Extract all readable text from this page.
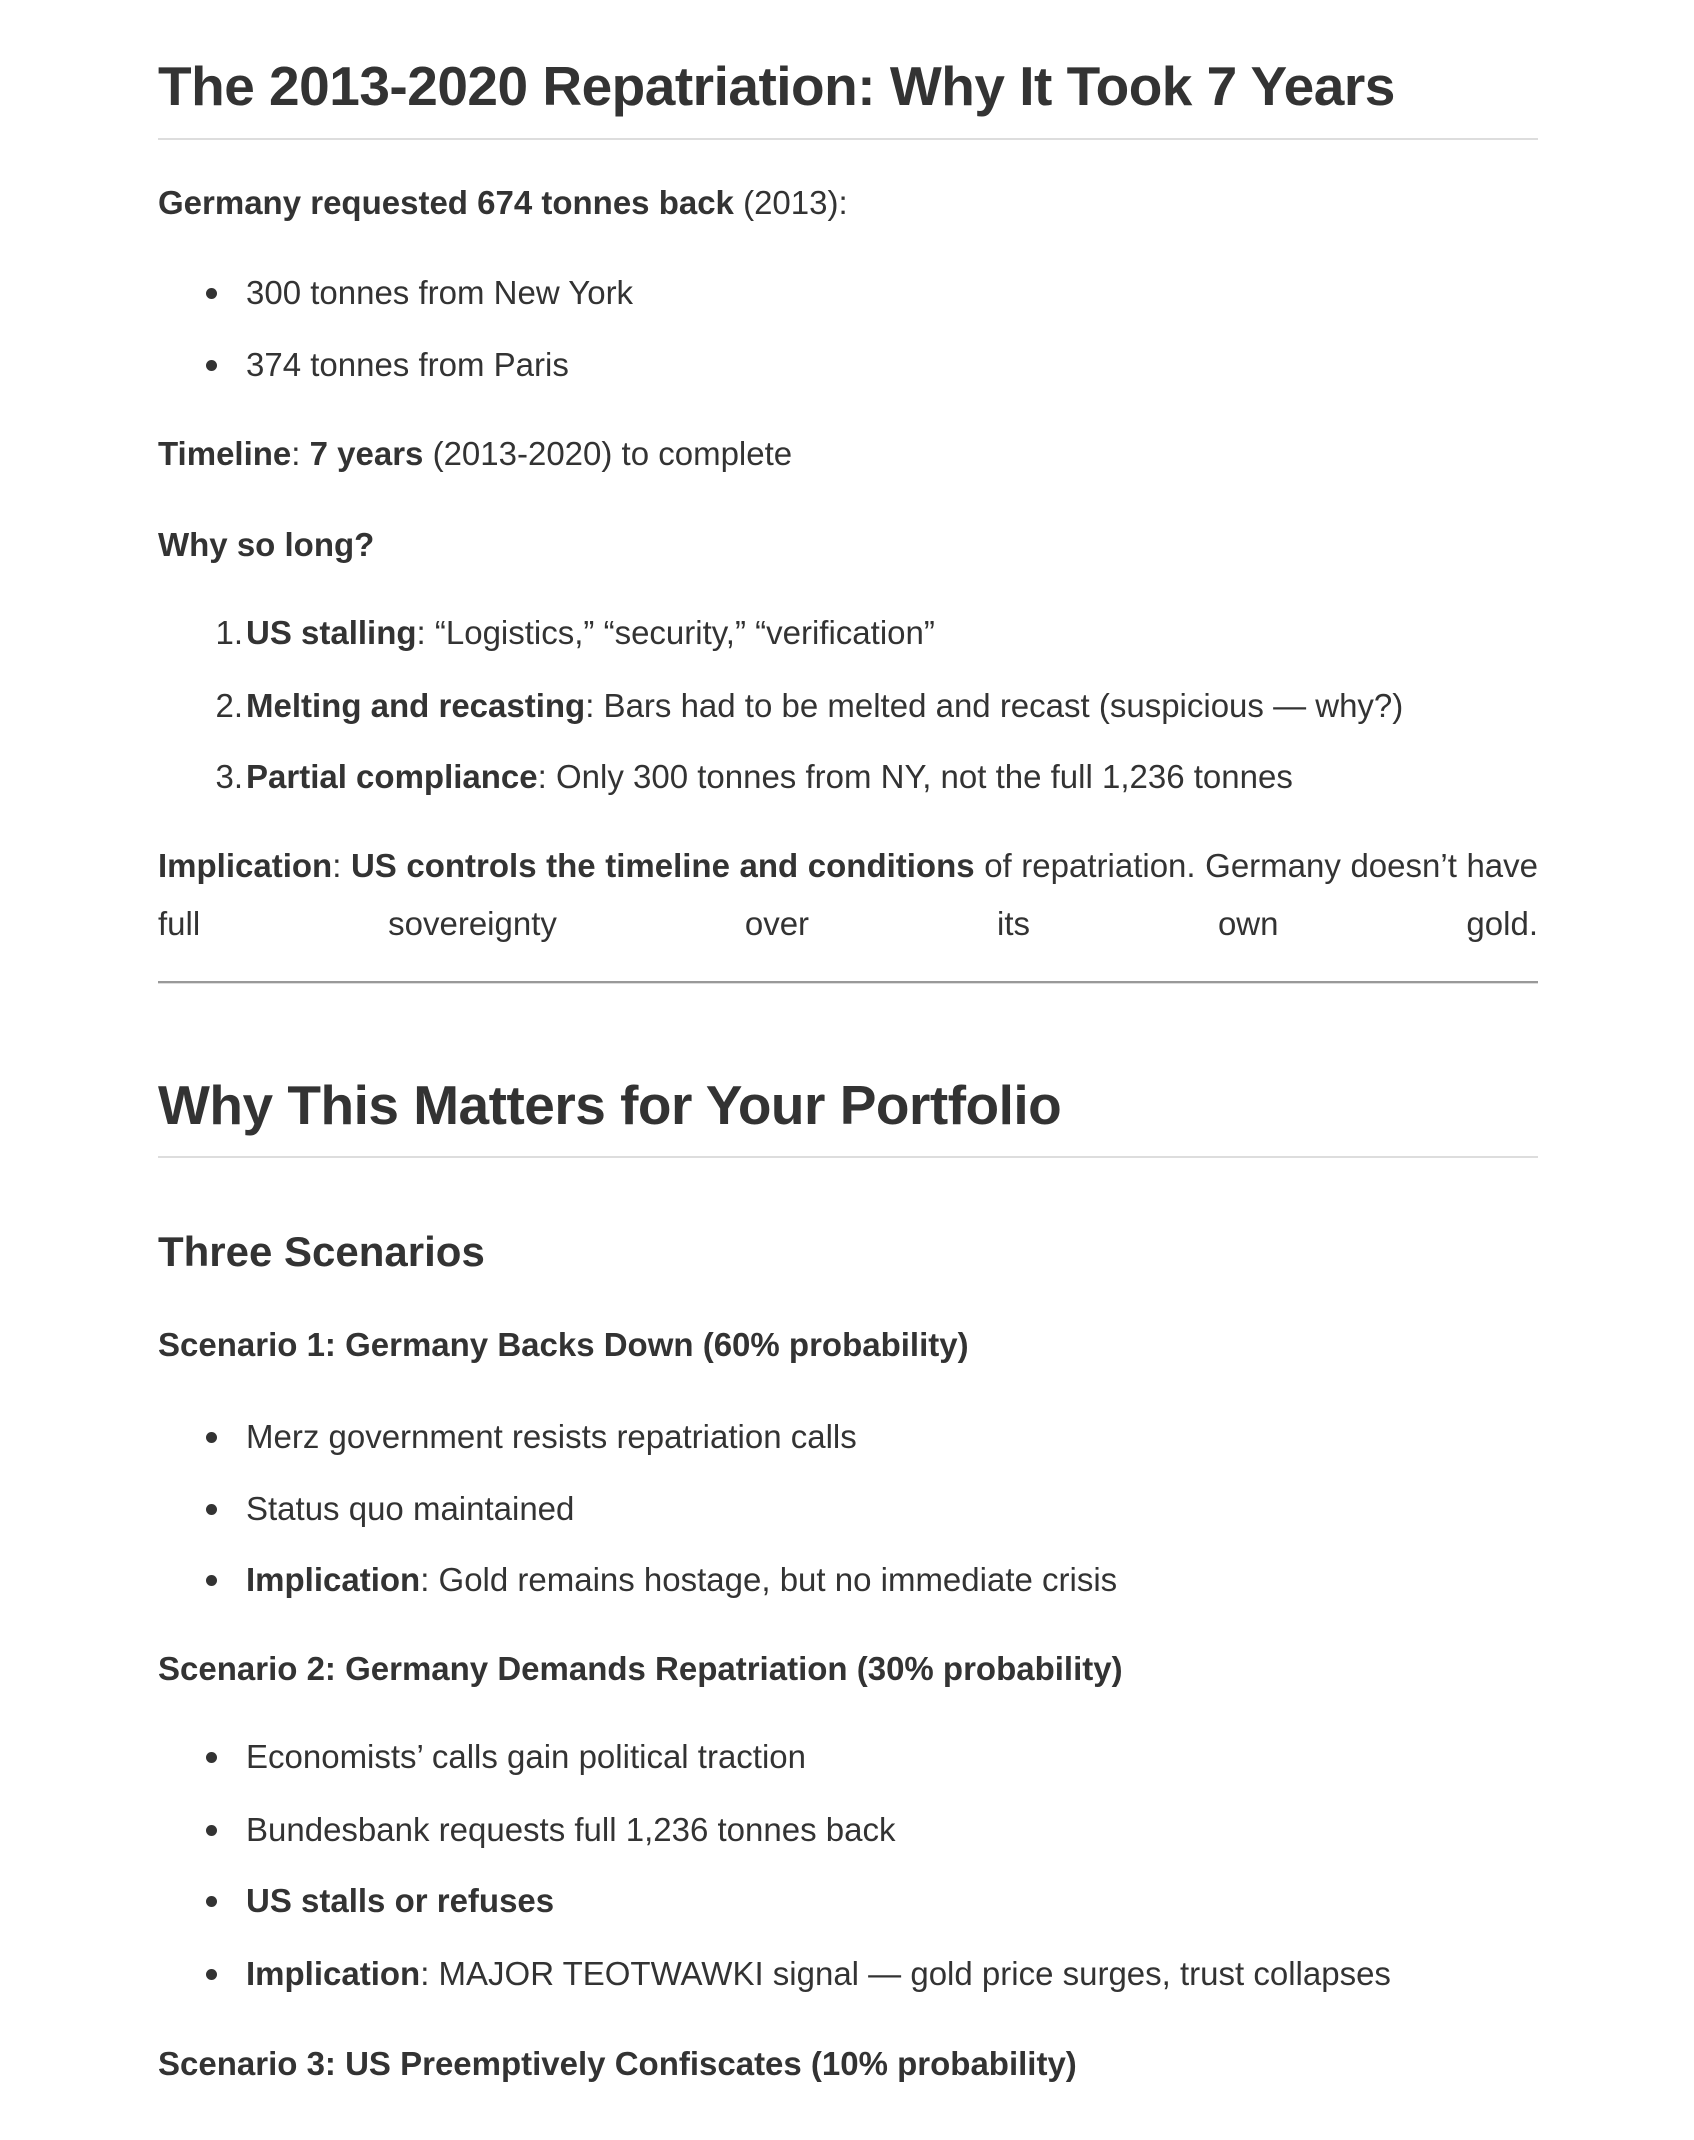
The 2013-2020 Repatriation: Why It Took 7 Years

Germany requested 674 tonnes back (2013):

300 tonnes from New York
374 tonnes from Paris

Timeline: 7 years (2013-2020) to complete

Why so long?

1. US stalling: “Logistics,” “security,” “verification”
2. Melting and recasting: Bars had to be melted and recast (suspicious — why?)
3. Partial compliance: Only 300 tonnes from NY, not the full 1,236 tonnes

Implication: US controls the timeline and conditions of repatriation. Germany doesn’t have full sovereignty over its own gold.

Why This Matters for Your Portfolio
Three Scenarios

Scenario 1: Germany Backs Down (60% probability)

Merz government resists repatriation calls
Status quo maintained
Implication: Gold remains hostage, but no immediate crisis

Scenario 2: Germany Demands Repatriation (30% probability)

Economists’ calls gain political traction
Bundesbank requests full 1,236 tonnes back
US stalls or refuses
Implication: MAJOR TEOTWAWKI signal — gold price surges, trust collapses

Scenario 3: US Preemptively Confiscates (10% probability)
